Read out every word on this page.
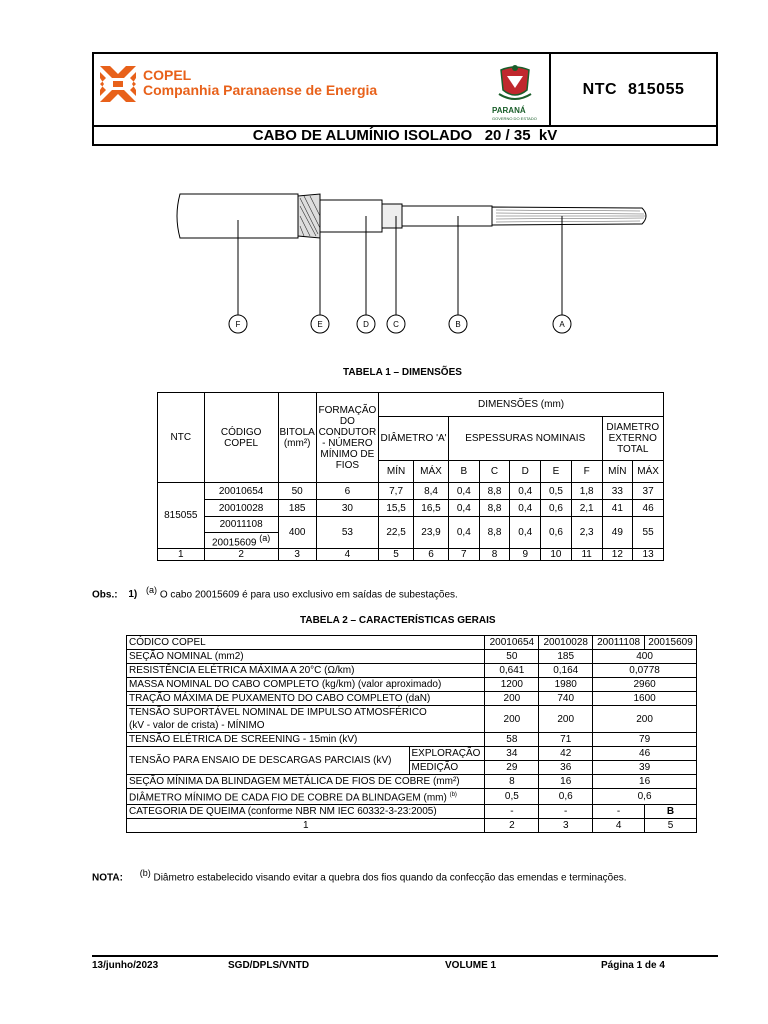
COPEL
Companhia Paranaense de Energia
PARANÁ
GOVERNO DO ESTADO
NTC 815055
CABO DE ALUMÍNIO ISOLADO   20 / 35  kV
F	E	D	C	B	A
TABELA 1 – DIMENSÕES
NTC	CÓDIGO COPEL	BITOLA (mm²)	FORMAÇÃO DO CONDUTOR - NÚMERO MÍNIMO DE FIOS	DIMENSÕES (mm)								
				DIÂMETRO 'A'		ESPESSURAS NOMINAIS					DIAMETRO EXTERNO TOTAL	
				MÍN	MÁX	B	C	D	E	F	MÍN	MÁX
815055	20010654	50	6	7,7	8,4	0,4	8,8	0,4	0,5	1,8	33	37
	20010028	185	30	15,5	16,5	0,4	8,8	0,4	0,6	2,1	41	46
	20011108	400	53	22,5	23,9	0,4	8,8	0,4	0,6	2,3	49	55
	20015609 $^{(a)}$
1	2	3	4	5	6	7	8	9	10	11	12	13
Obs.: 1) $^{(a)}$ O cabo 20015609 é para uso exclusivo em saídas de subestações.
TABELA 2 – CARACTERÍSTICAS GERAIS
CÓDICO COPEL		20010654	20010028	20011108	20015609
SEÇÃO NOMINAL (mm2)		50	185	400	
RESISTÊNCIA ELÉTRICA MÁXIMA A 20°C (Ω/km)		0,641	0,164	0,0778	
MASSA NOMINAL DO CABO COMPLETO (kg/km) (valor aproximado)		1200	1980	2960	
TRAÇÃO MÁXIMA DE PUXAMENTO DO CABO COMPLETO (daN)		200	740	1600	

TENSÃO SUPORTÁVEL NOMINAL DE IMPULSO ATMOSFÉRICO
(kV - valor de crista) - MÍNIMO		200	200	200	
TENSÃO ELÉTRICA DE SCREENING - 15min (kV)		58	71	79	
TENSÃO PARA ENSAIO DE DESCARGAS PARCIAIS (kV)	EXPLORAÇÃO	34	42	46	
	MEDIÇÃO	29	36	39	
SEÇÃO MÍNIMA DA BLINDAGEM METÁLICA DE FIOS DE COBRE (mm²)		8	16	16	
DIÂMETRO MÍNIMO DE CADA FIO DE COBRE DA BLINDAGEM (mm) $^{(b)}$		0,5	0,6	0,6	
CATEGORIA DE QUEIMA (conforme NBR NM IEC 60332-3-23:2005)		-	-	-	B
1		2	3	4	5
NOTA: $^{(b)}$ Diâmetro estabelecido visando evitar a quebra dos fios quando da confecção das emendas e terminações.
13/junho/2023	SGD/DPLS/VNTD	VOLUME 1	Página 1 de 4
